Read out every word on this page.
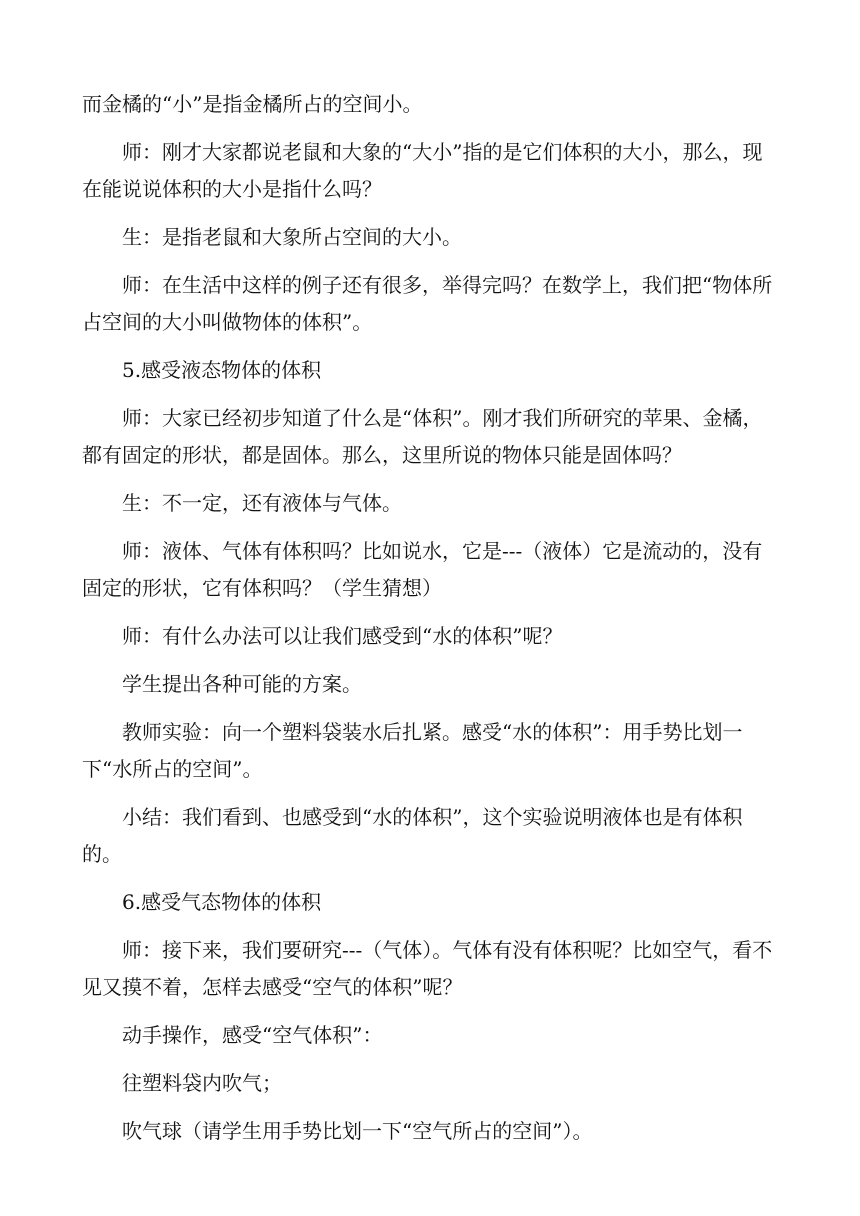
而金橘的“小”是指金橘所占的空间小。

师：刚才大家都说老鼠和大象的“大小”指的是它们体积的大小，那么，现在能说说体积的大小是指什么吗？

生：是指老鼠和大象所占空间的大小。

师：在生活中这样的例子还有很多，举得完吗？在数学上，我们把“物体所占空间的大小叫做物体的体积”。

5.感受液态物体的体积

师：大家已经初步知道了什么是“体积”。刚才我们所研究的苹果、金橘，都有固定的形状，都是固体。那么，这里所说的物体只能是固体吗？

生：不一定，还有液体与气体。

师：液体、气体有体积吗？比如说水，它是---（液体）它是流动的，没有固定的形状，它有体积吗？（学生猜想）

师：有什么办法可以让我们感受到“水的体积”呢？

学生提出各种可能的方案。

教师实验：向一个塑料袋装水后扎紧。感受“水的体积”：用手势比划一下“水所占的空间”。

小结：我们看到、也感受到“水的体积”，这个实验说明液体也是有体积的。

6.感受气态物体的体积

师：接下来，我们要研究---（气体）。气体有没有体积呢？比如空气，看不见又摸不着，怎样去感受“空气的体积”呢？

动手操作，感受“空气体积”：

往塑料袋内吹气；

吹气球（请学生用手势比划一下“空气所占的空间”）。
